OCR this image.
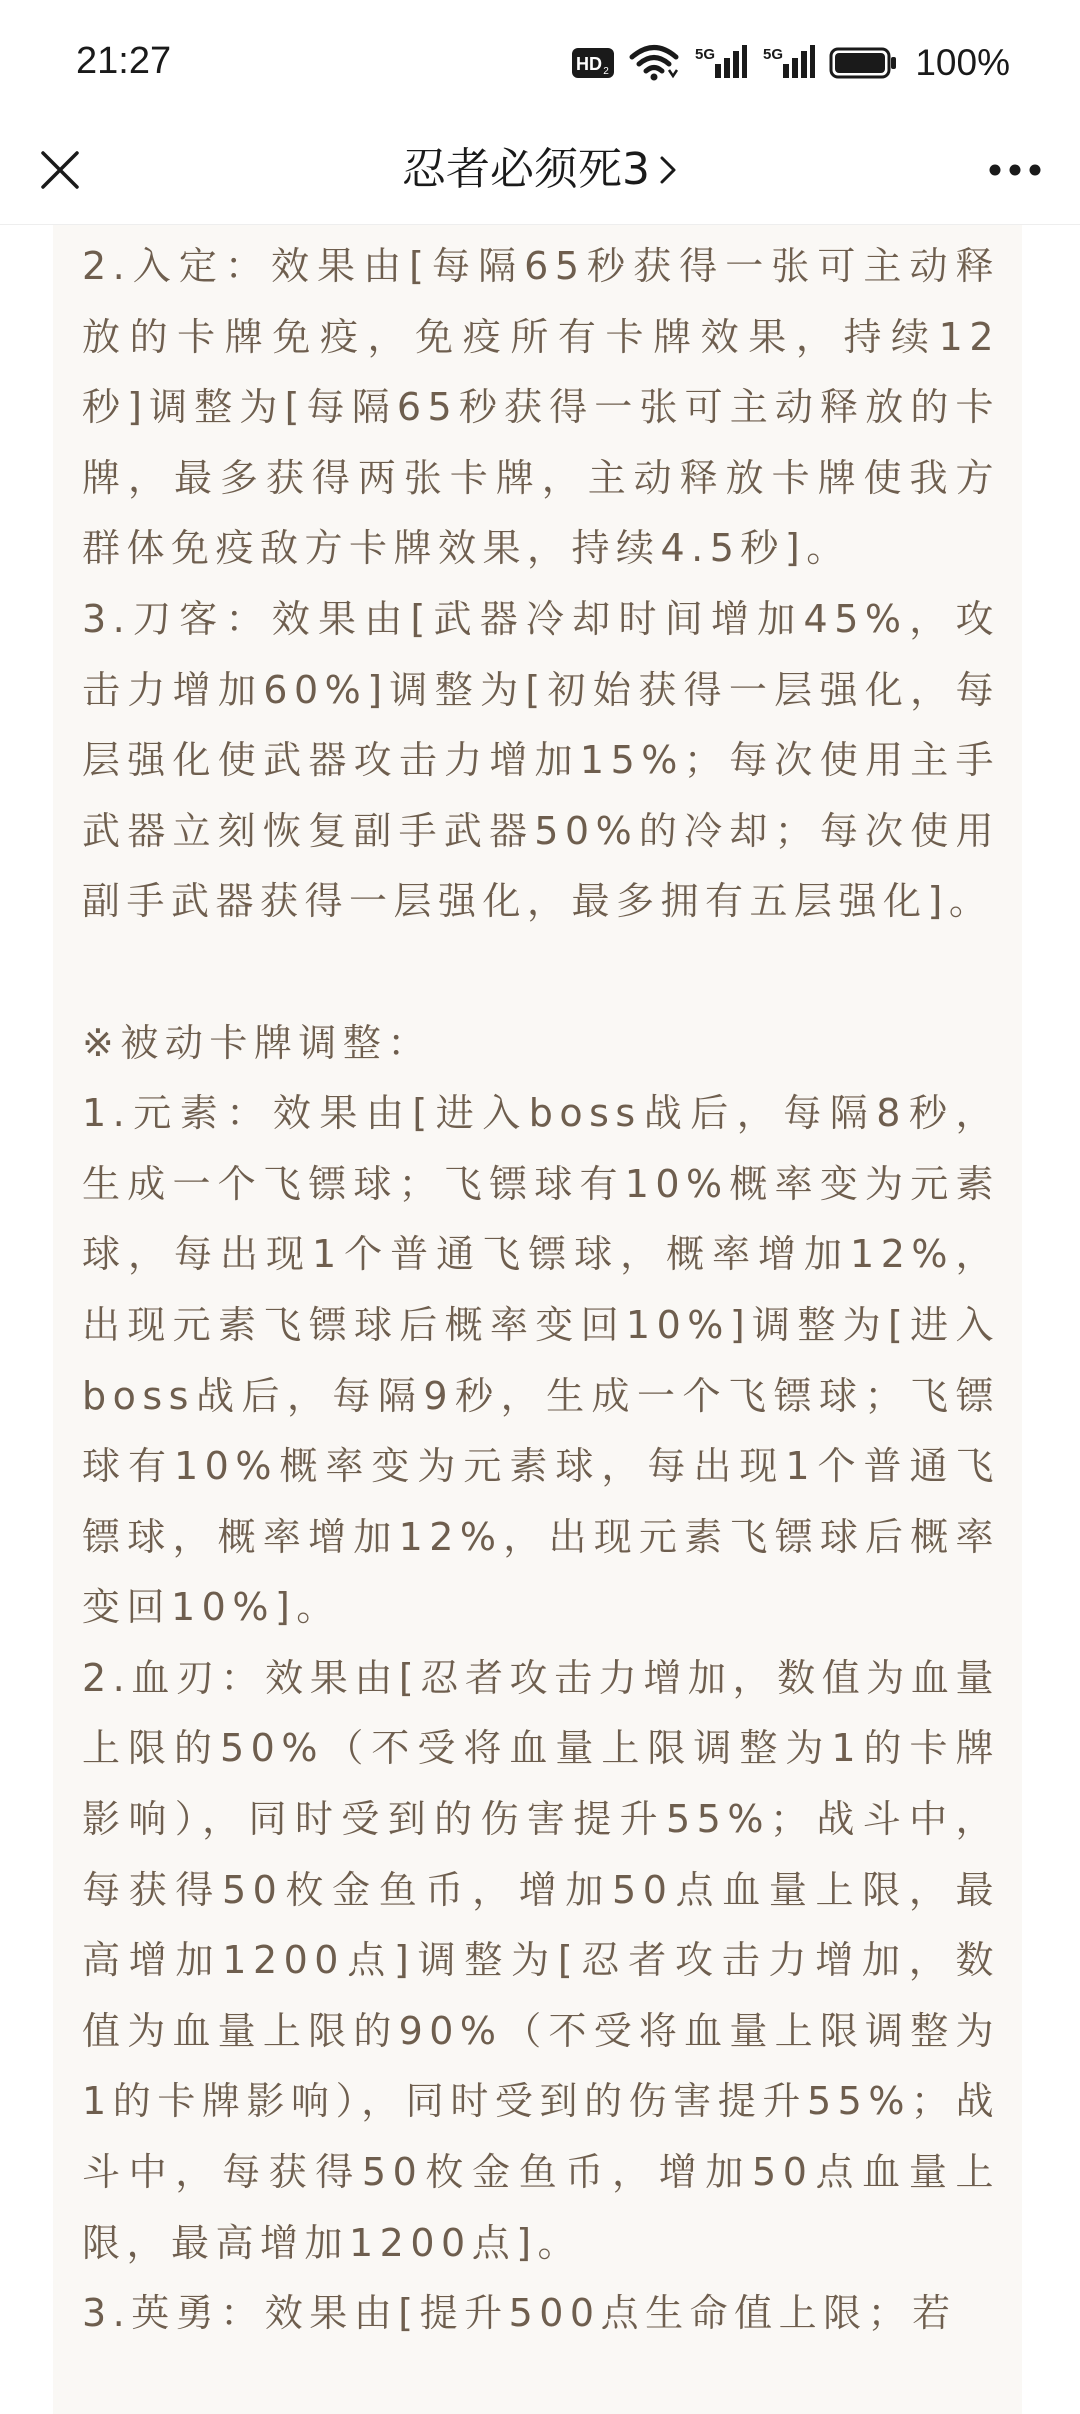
21:27	HD 2
5G	5G	100%
忍者必须死3

2.入定：效果由[每隔65秒获得一张可主动释放的卡牌免疫，免疫所有卡牌效果，持续12秒]调整为[每隔65秒获得一张可主动释放的卡牌，最多获得两张卡牌，主动释放卡牌使我方群体免疫敌方卡牌效果，持续4.5秒]。

3.刀客：效果由[武器冷却时间增加45%，攻击力增加60%]调整为[初始获得一层强化，每层强化使武器攻击力增加15%；每次使用主手武器立刻恢复副手武器50%的冷却；每次使用副手武器获得一层强化，最多拥有五层强化]。

※被动卡牌调整：

1.元素：效果由[进入boss战后，每隔8秒，生成一个飞镖球；飞镖球有10%概率变为元素球，每出现1个普通飞镖球，概率增加12%，出现元素飞镖球后概率变回10%]调整为[进入boss战后，每隔9秒，生成一个飞镖球；飞镖球有10%概率变为元素球，每出现1个普通飞镖球，概率增加12%，出现元素飞镖球后概率变回10%]。

2.血刃：效果由[忍者攻击力增加，数值为血量上限的50%（不受将血量上限调整为1的卡牌影响），同时受到的伤害提升55%；战斗中，每获得50枚金鱼币，增加50点血量上限，最高增加1200点]调整为[忍者攻击力增加，数值为血量上限的90%（不受将血量上限调整为1的卡牌影响），同时受到的伤害提升55%；战斗中，每获得50枚金鱼币，增加50点血量上限，最高增加1200点]。

3.英勇：效果由[提升500点生命值上限；若
